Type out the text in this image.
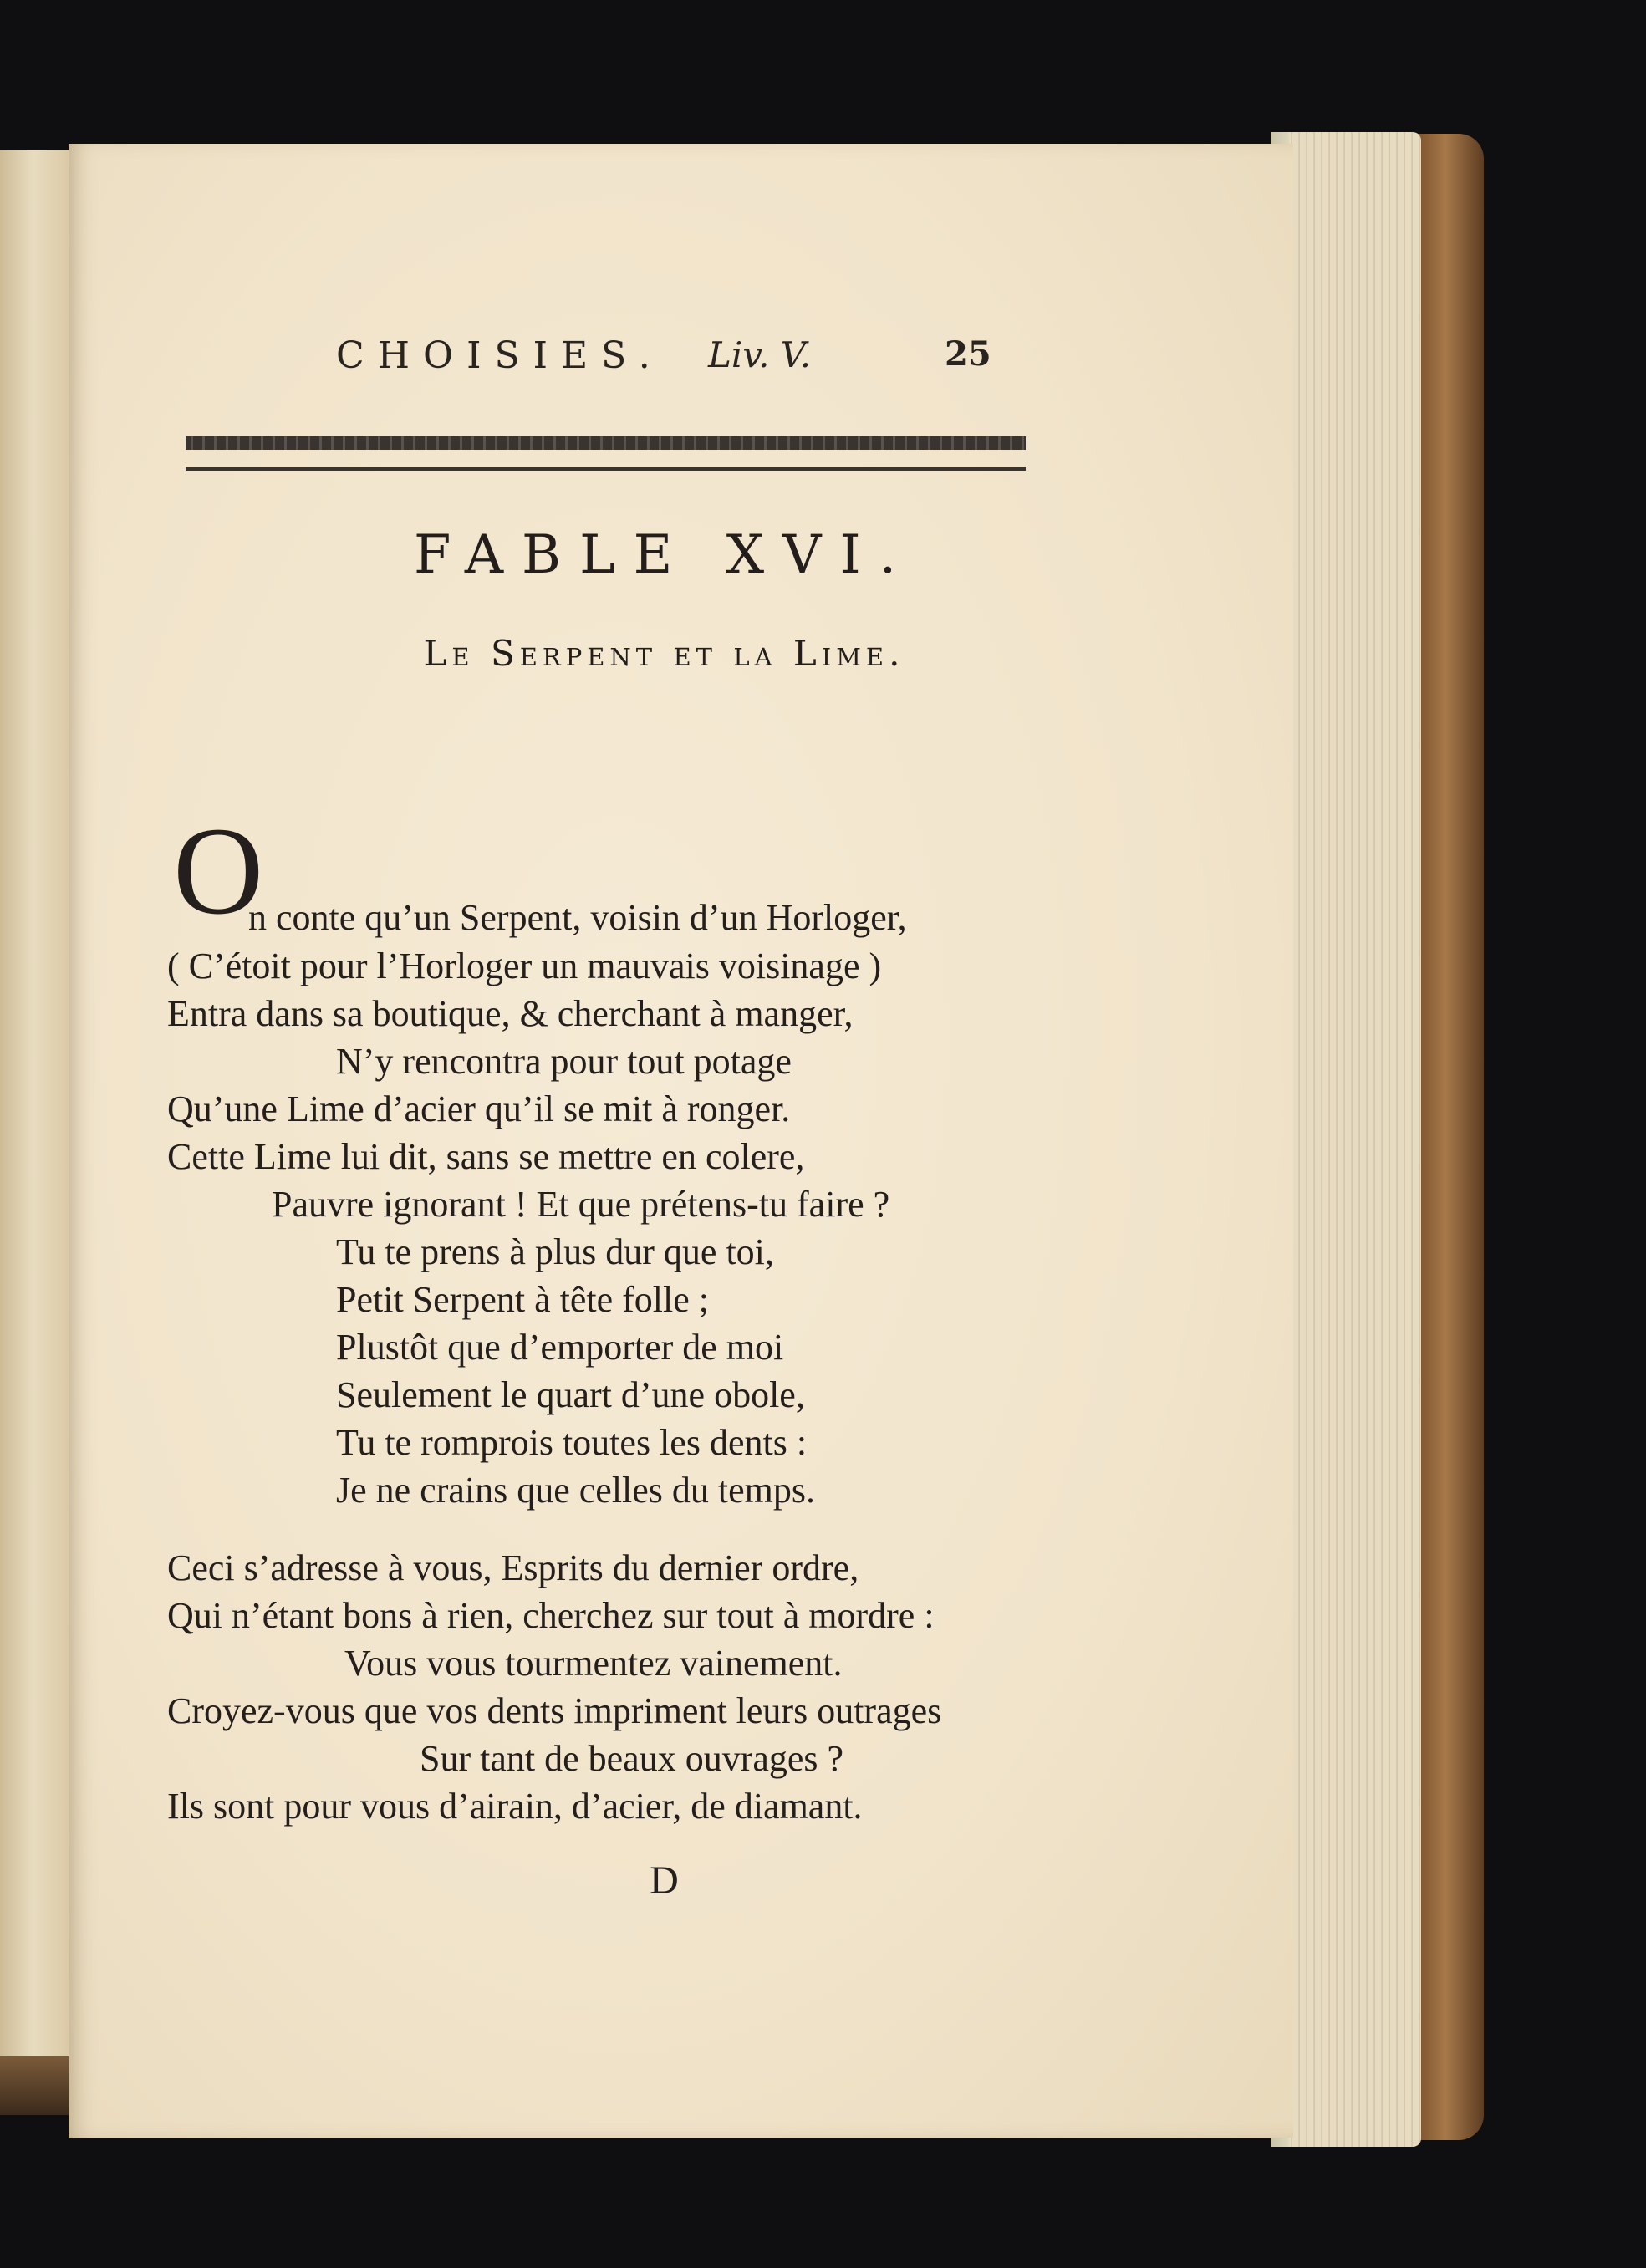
CHOISIES. Liv. V.	25
FABLE XVI.
Le Serpent et la Lime.
O
n conte qu’un Serpent, voisin d’un Horloger,
( C’étoit pour l’Horloger un mauvais voisinage )
Entra dans sa boutique, & cherchant à manger,
N’y rencontra pour tout potage
Qu’une Lime d’acier qu’il se mit à ronger.
Cette Lime lui dit, sans se mettre en colere,
Pauvre ignorant ! Et que prétens-tu faire ?
Tu te prens à plus dur que toi,
Petit Serpent à tête folle ;
Plustôt que d’emporter de moi
Seulement le quart d’une obole,
Tu te romprois toutes les dents :
Je ne crains que celles du temps.
Ceci s’adresse à vous, Esprits du dernier ordre,
Qui n’étant bons à rien, cherchez sur tout à mordre :
Vous vous tourmentez vainement.
Croyez-vous que vos dents impriment leurs outrages
Sur tant de beaux ouvrages ?
Ils sont pour vous d’airain, d’acier, de diamant.
D
